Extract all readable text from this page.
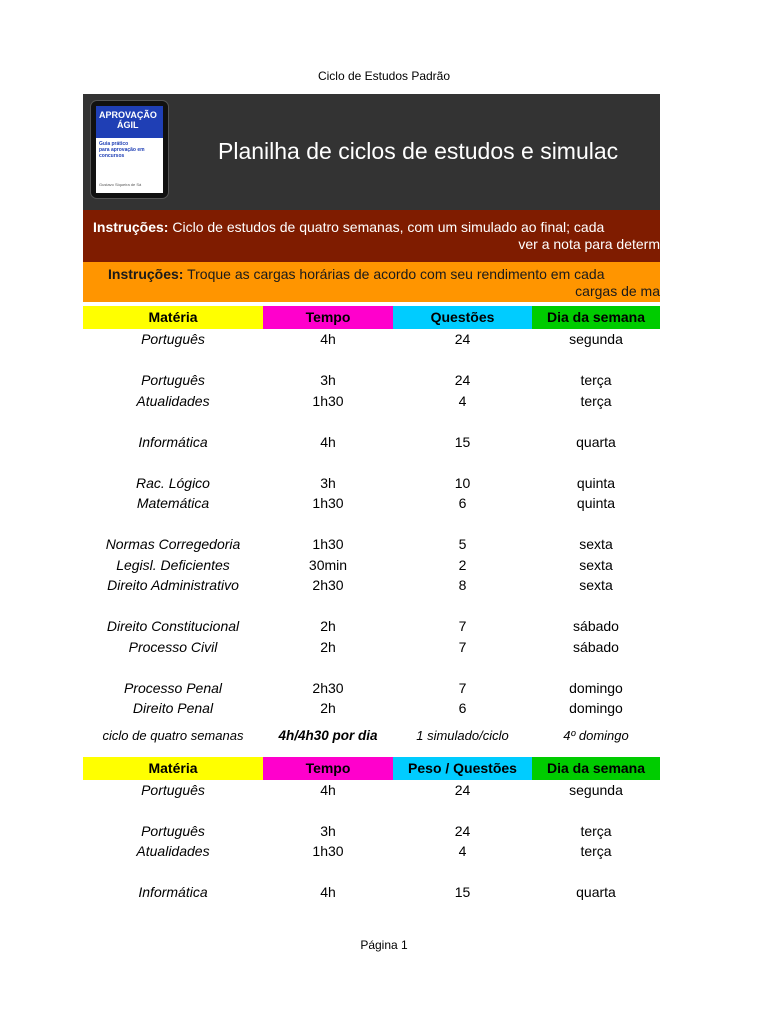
Ciclo de Estudos Padrão
APROVAÇÃO
ÁGIL
Guia prático
para aprovação em concursos
Gustavo Siqueira de Sá
Planilha de ciclos de estudos e simulac
Instruções: Ciclo de estudos de quatro semanas, com um simulado ao final; cada
ver a nota para determ
Instruções: Troque as cargas horárias de acordo com seu rendimento em cada
cargas de ma
Matéria	Tempo	Questões	Dia da semana
Português	4h	24	segunda
Português	3h	24	terça
Atualidades	1h30	4	terça
Informática	4h	15	quarta
Rac. Lógico	3h	10	quinta
Matemática	1h30	6	quinta
Normas Corregedoria	1h30	5	sexta
Legisl. Deficientes	30min	2	sexta
Direito Administrativo	2h30	8	sexta
Direito Constitucional	2h	7	sábado
Processo Civil	2h	7	sábado
Processo Penal	2h30	7	domingo
Direito Penal	2h	6	domingo
ciclo de quatro semanas	4h/4h30 por dia	1 simulado/ciclo	4º domingo
Matéria	Tempo	Peso / Questões	Dia da semana
Português	4h	24	segunda
Português	3h	24	terça
Atualidades	1h30	4	terça
Informática	4h	15	quarta
Página 1
